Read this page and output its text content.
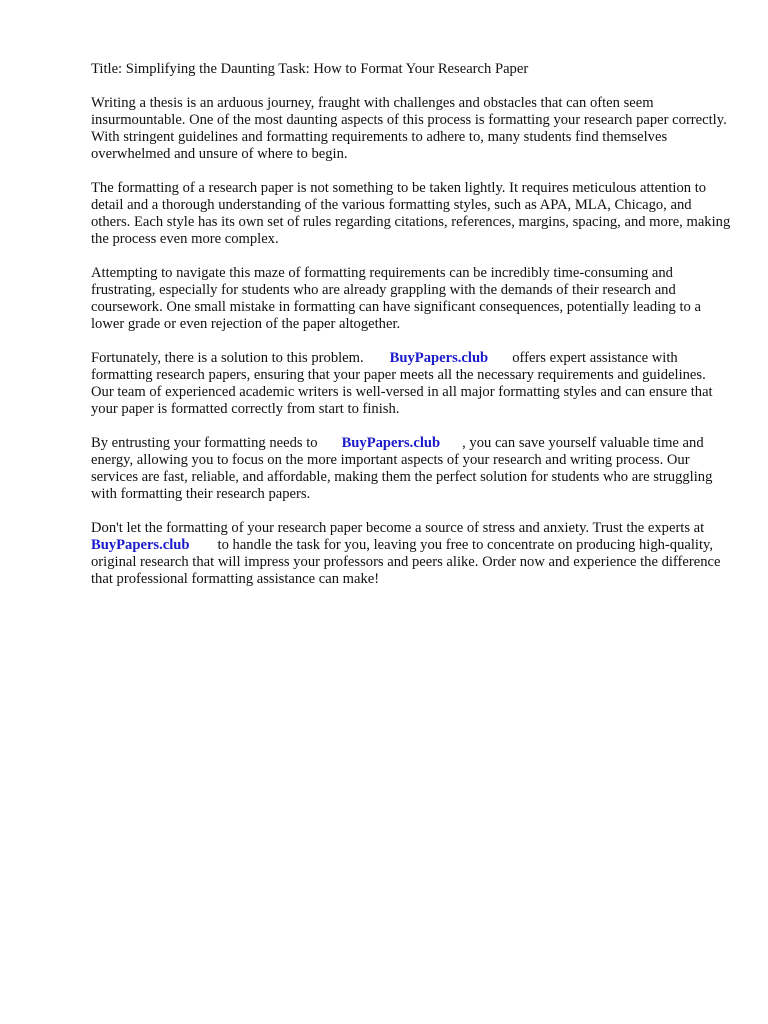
Title: Simplifying the Daunting Task: How to Format Your Research Paper

Writing a thesis is an arduous journey, fraught with challenges and obstacles that can often seem insurmountable. One of the most daunting aspects of this process is formatting your research paper correctly. With stringent guidelines and formatting requirements to adhere to, many students find themselves overwhelmed and unsure of where to begin.

The formatting of a research paper is not something to be taken lightly. It requires meticulous attention to detail and a thorough understanding of the various formatting styles, such as APA, MLA, Chicago, and others. Each style has its own set of rules regarding citations, references, margins, spacing, and more, making the process even more complex.

Attempting to navigate this maze of formatting requirements can be incredibly time-consuming and frustrating, especially for students who are already grappling with the demands of their research and coursework. One small mistake in formatting can have significant consequences, potentially leading to a lower grade or even rejection of the paper altogether.

Fortunately, there is a solution to this problem. BuyPapers.club offers expert assistance with formatting research papers, ensuring that your paper meets all the necessary requirements and guidelines. Our team of experienced academic writers is well-versed in all major formatting styles and can ensure that your paper is formatted correctly from start to finish.

By entrusting your formatting needs to BuyPapers.club , you can save yourself valuable time and energy, allowing you to focus on the more important aspects of your research and writing process. Our services are fast, reliable, and affordable, making them the perfect solution for students who are struggling with formatting their research papers.

Don't let the formatting of your research paper become a source of stress and anxiety. Trust the experts atBuyPapers.club to handle the task for you, leaving you free to concentrate on producing high-quality, original research that will impress your professors and peers alike. Order now and experience the difference that professional formatting assistance can make!
